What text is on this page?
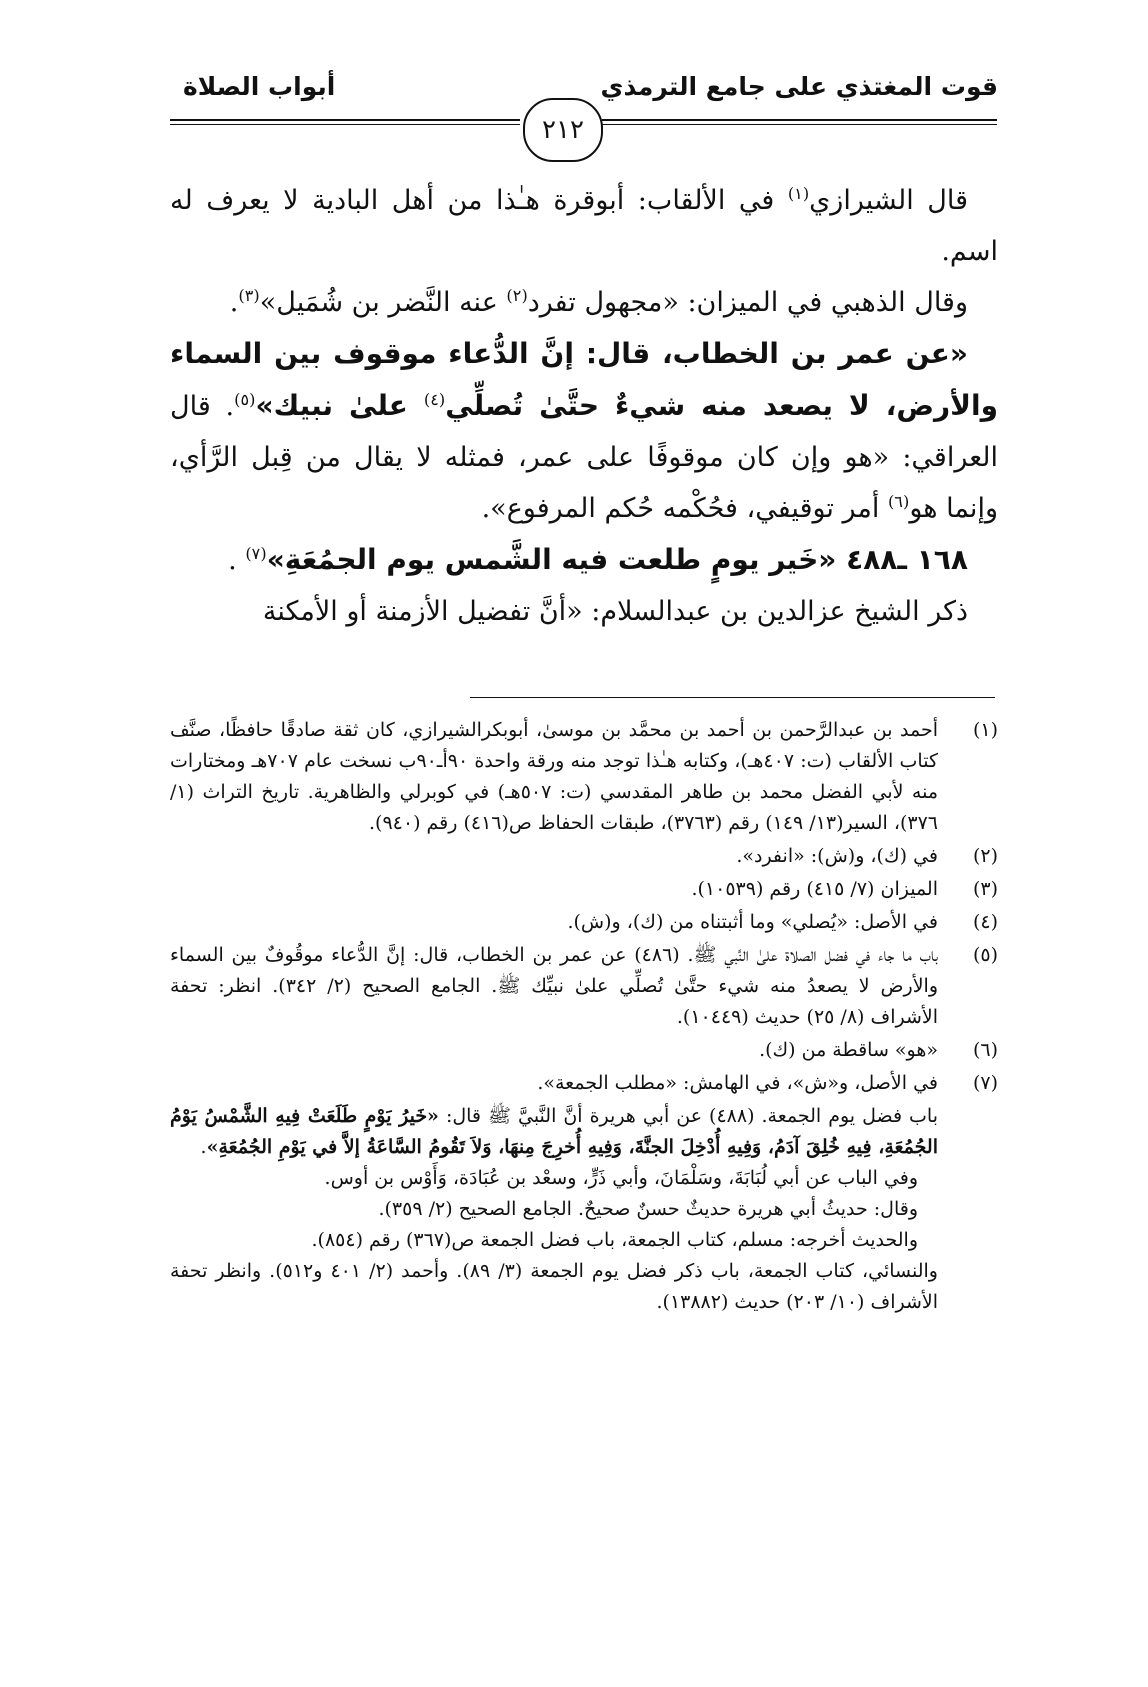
قوت المغتذي على جامع الترمذي
أبواب الصلاة
٢١٢

قال الشيرازي$^{(١)}$ في الألقاب: أبوقرة هـٰذا من أهل البادية لا يعرف له اسم.

وقال الذهبي في الميزان: «مجهول تفرد$^{(٢)}$ عنه النَّضر بن شُمَيل»$^{(٣)}$.

«عن عمر بن الخطاب، قال: إنَّ الدُّعاء موقوف بين السماء والأرض، لا يصعد منه شيءٌ حتَّىٰ تُصلِّي$^{(٤)}$ علىٰ نبيك»$^{(٥)}$. قال العراقي: «هو وإن كان موقوفًا على عمر، فمثله لا يقال من قِبل الرَّأي، وإنما هو$^{(٦)}$ أمر توقيفي، فحُكْمه حُكم المرفوع».

١٦٨ ـ٤٨٨ «خَير يومٍ طلعت فيه الشَّمس يوم الجمُعَةِ»$^{(٧)}$ .

ذكر الشيخ عزالدين بن عبدالسلام: «أنَّ تفضيل الأزمنة أو الأمكنة

(١)
أحمد بن عبدالرَّحمن بن أحمد بن محمَّد بن موسىٰ، أبوبكرالشيرازي، كان ثقة صادقًا حافظًا، صنَّف كتاب الألقاب (ت: ٤٠٧هـ)، وكتابه هـٰذا توجد منه ورقة واحدة ٩٠أـ٩٠ب نسخت عام ٧٠٧هـ ومختارات منه لأبي الفضل محمد بن طاهر المقدسي (ت: ٥٠٧هـ) في كوبرلي والظاهرية. تاريخ التراث (١/ ٣٧٦)، السير(١٣/ ١٤٩) رقم (٣٧٦٣)، طبقات الحفاظ ص(٤١٦) رقم (٩٤٠).
(٢)
في (ك)، و(ش): «انفرد».
(٣)
الميزان (٧/ ٤١٥) رقم (١٠٥٣٩).
(٤)
في الأصل: «يُصلي» وما أثبتناه من (ك)، و(ش).
(٥)
باب ما جاء في فضل الصلاة علىٰ النَّبي ﷺ. (٤٨٦) عن عمر بن الخطاب، قال: إنَّ الدُّعاء موقُوفٌ بين السماء والأرض لا يصعدُ منه شيء حتَّىٰ تُصلِّي علىٰ نبيِّك ﷺ. الجامع الصحيح (٢/ ٣٤٢). انظر: تحفة الأشراف (٨/ ٢٥) حديث (١٠٤٤٩).
(٦)
«هو» ساقطة من (ك).
(٧)
في الأصل، و«ش»، في الهامش: «مطلب الجمعة».
باب فضل يوم الجمعة. (٤٨٨) عن أبي هريرة أنَّ النَّبيَّ ﷺ قال: «خَيرُ يَوْمٍ طَلَعَتْ فِيهِ الشَّمْسُ يَوْمُ الجُمُعَةِ، فِيهِ خُلِقَ آدَمُ، وَفِيهِ أُدْخِلَ الجنَّةَ، وَفِيهِ أُخرِجَ مِنهَا، وَلاَ تَقُومُ السَّاعَةُ إلاَّ في يَوْمِ الجُمُعَةِ».
وفي الباب عن أبي لُبَابَةَ، وسَلْمَانَ، وأبي ذَرٍّ، وسعْد بن عُبَادَة، وَأَوْس بن أوس.
وقال: حديثُ أبي هريرة حديثٌ حسنٌ صحيحٌ. الجامع الصحيح (٢/ ٣٥٩).
والحديث أخرجه: مسلم، كتاب الجمعة، باب فضل الجمعة ص(٣٦٧) رقم (٨٥٤).
والنسائي، كتاب الجمعة، باب ذكر فضل يوم الجمعة (٣/ ٨٩). وأحمد (٢/ ٤٠١ و٥١٢). وانظر تحفة الأشراف (١٠/ ٢٠٣) حديث (١٣٨٨٢).
